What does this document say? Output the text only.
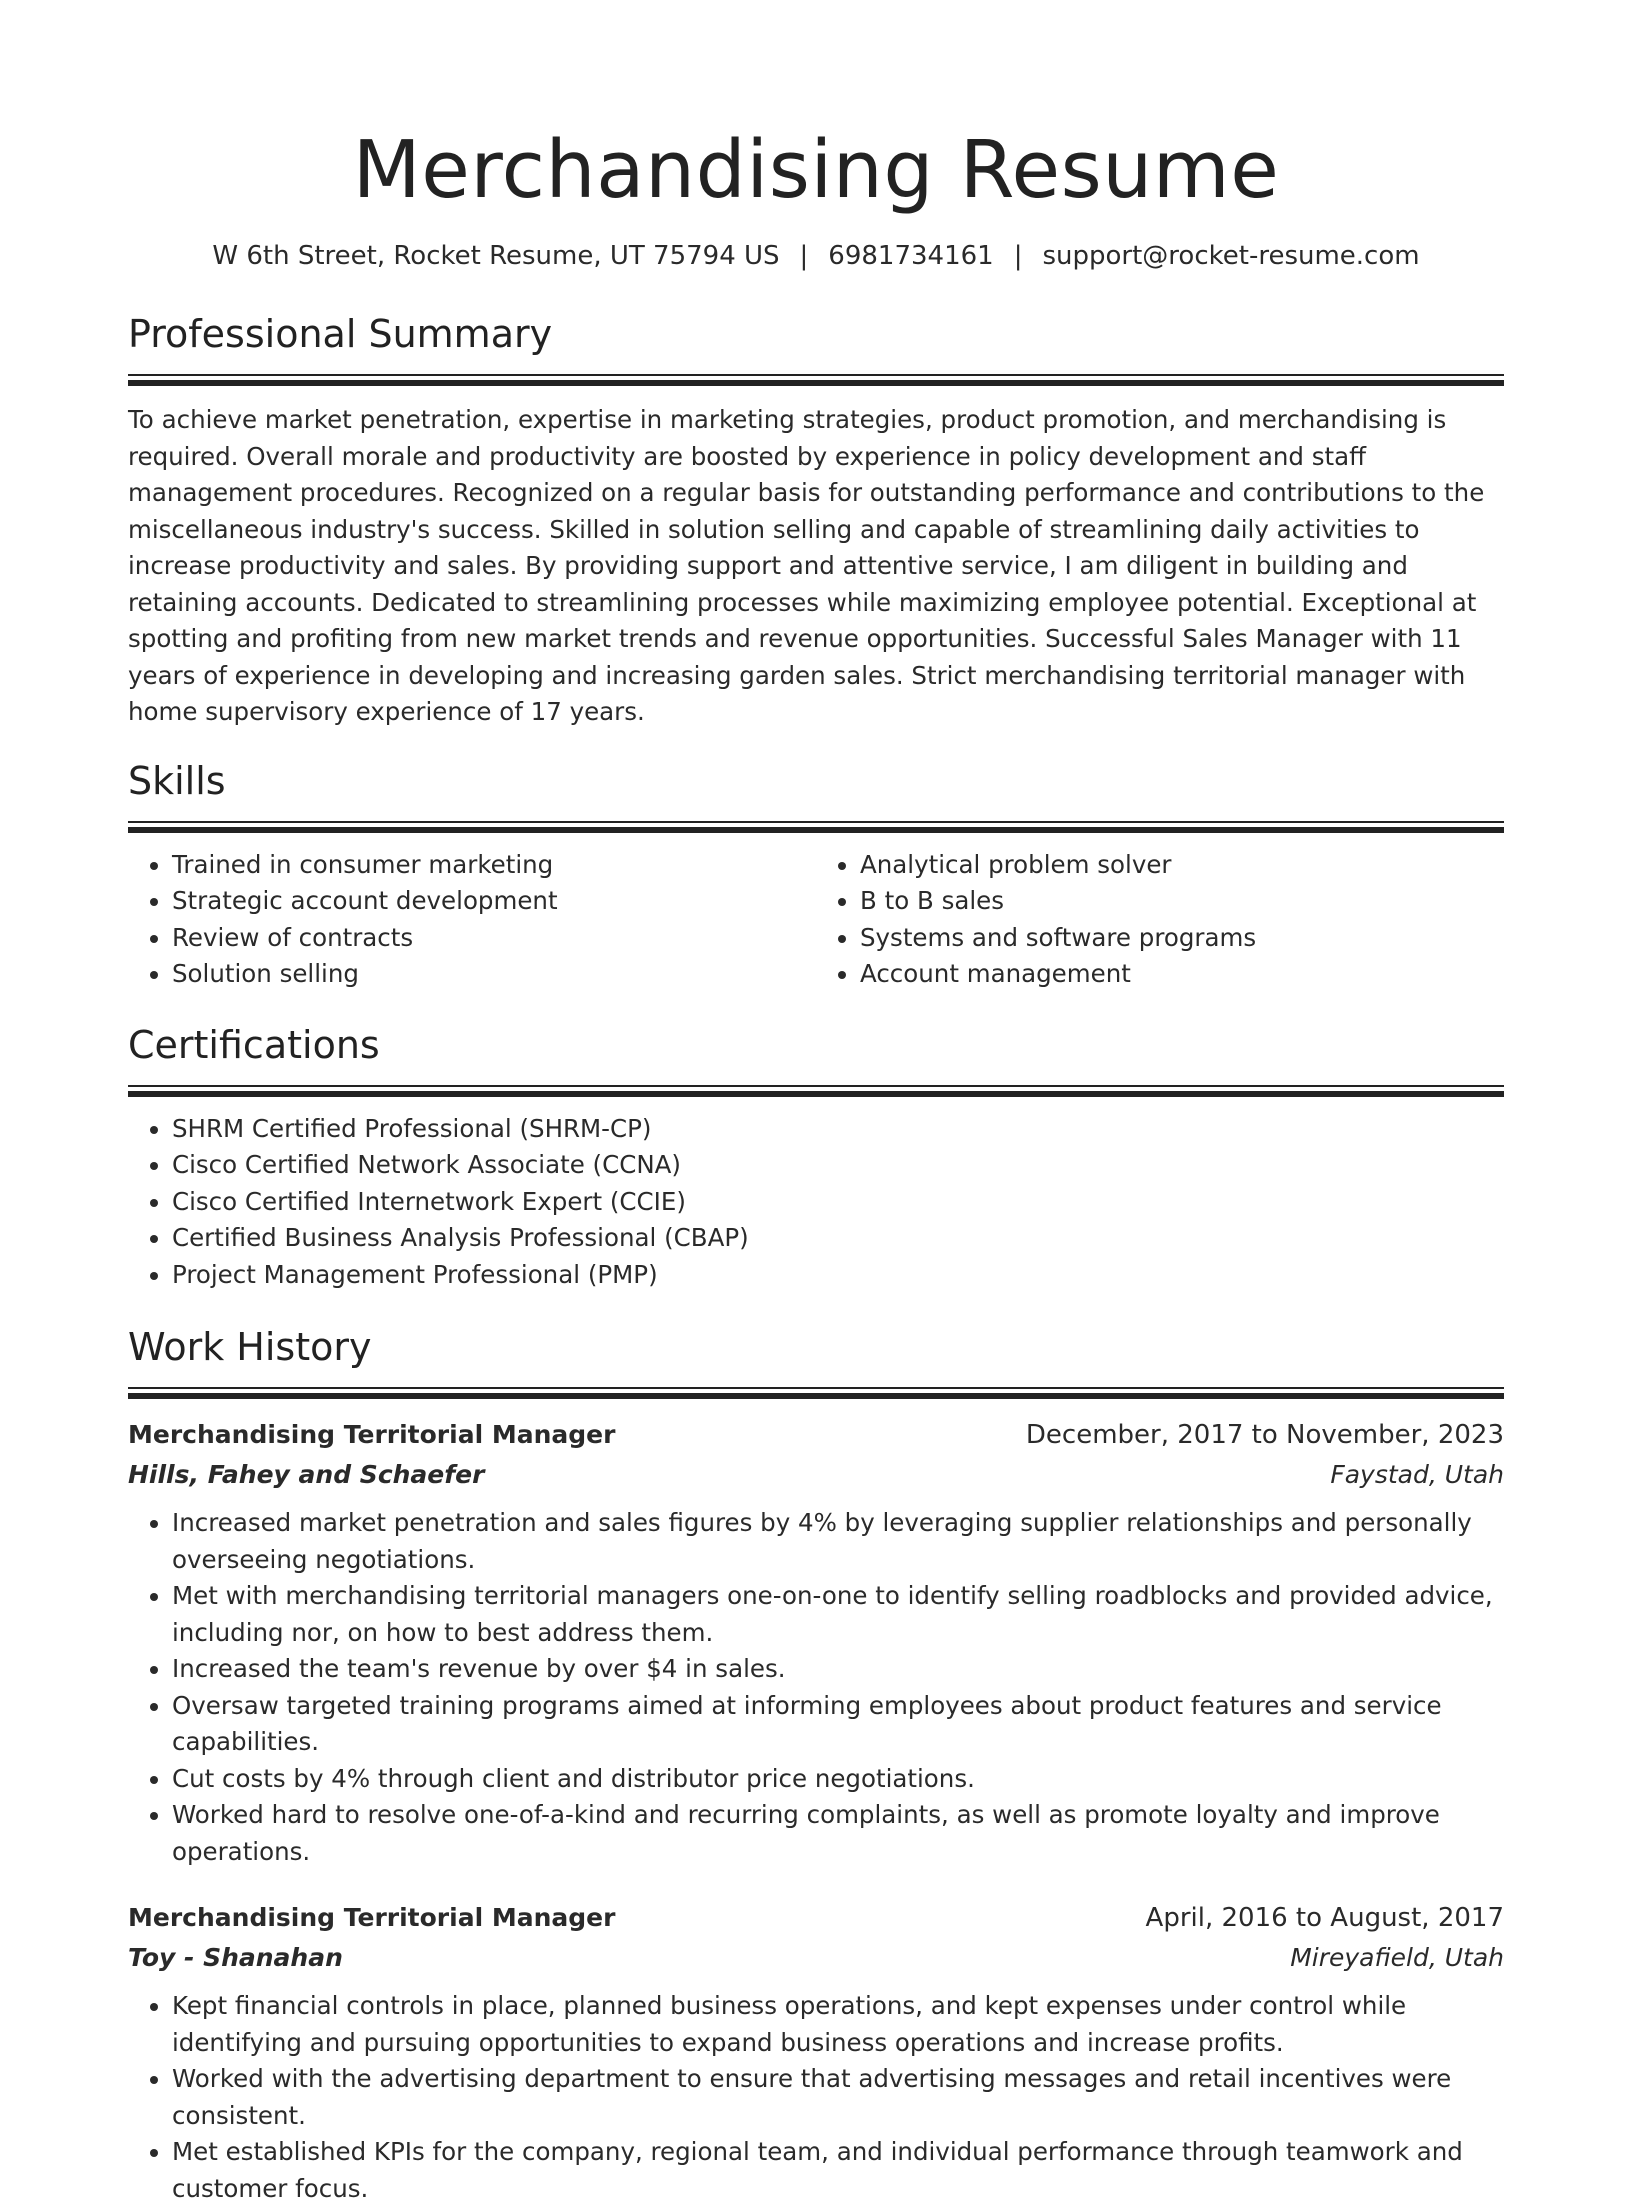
Merchandising Resume
W 6th Street, Rocket Resume, UT 75794 US | 6981734161 | support@rocket-resume.com
Professional Summary

To achieve market penetration, expertise in marketing strategies, product promotion, and merchandising is required. Overall morale and productivity are boosted by experience in policy development and staff management procedures. Recognized on a regular basis for outstanding performance and contributions to the miscellaneous industry's success. Skilled in solution selling and capable of streamlining daily activities to increase productivity and sales. By providing support and attentive service, I am diligent in building and retaining accounts. Dedicated to streamlining processes while maximizing employee potential. Exceptional at spotting and profiting from new market trends and revenue opportunities. Successful Sales Manager with 11 years of experience in developing and increasing garden sales. Strict merchandising territorial manager with home supervisory experience of 17 years.

Skills
• Trained in consumer marketing
• Strategic account development
• Review of contracts
• Solution selling
• Analytical problem solver
• B to B sales
• Systems and software programs
• Account management
Certifications
• SHRM Certified Professional (SHRM-CP)
• Cisco Certified Network Associate (CCNA)
• Cisco Certified Internetwork Expert (CCIE)
• Certified Business Analysis Professional (CBAP)
• Project Management Professional (PMP)
Work History
Merchandising Territorial Manager	December, 2017 to November, 2023
Hills, Fahey and Schaefer	Faystad, Utah
• Increased market penetration and sales figures by 4% by leveraging supplier relationships and personally overseeing negotiations.
• Met with merchandising territorial managers one-on-one to identify selling roadblocks and provided advice, including nor, on how to best address them.
• Increased the team's revenue by over $4 in sales.
• Oversaw targeted training programs aimed at informing employees about product features and service capabilities.
• Cut costs by 4% through client and distributor price negotiations.
• Worked hard to resolve one-of-a-kind and recurring complaints, as well as promote loyalty and improve operations.
Merchandising Territorial Manager	April, 2016 to August, 2017
Toy - Shanahan	Mireyafield, Utah
• Kept financial controls in place, planned business operations, and kept expenses under control while identifying and pursuing opportunities to expand business operations and increase profits.
• Worked with the advertising department to ensure that advertising messages and retail incentives were consistent.
• Met established KPIs for the company, regional team, and individual performance through teamwork and customer focus.
